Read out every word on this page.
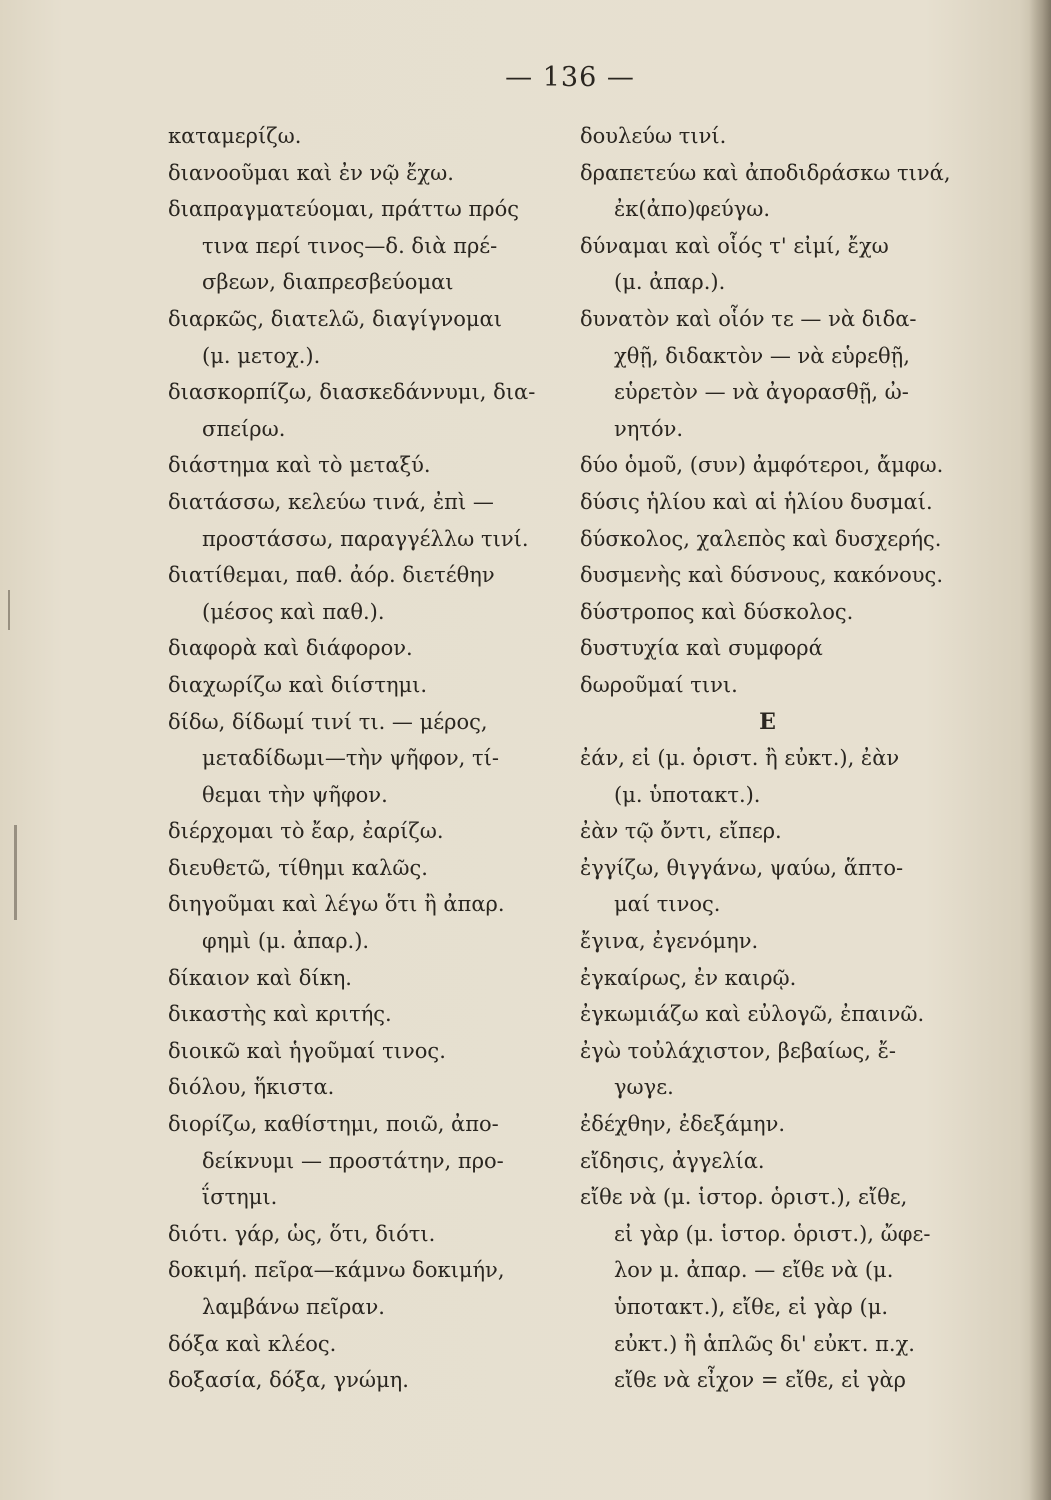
— 136 —
καταμερίζω.
διανοοῦμαι καὶ ἐν νῷ ἔχω.
διαπραγματεύομαι, πράττω πρός
τινα περί τινος—δ. διὰ πρέ-
σβεων, διαπρεσβεύομαι
διαρκῶς, διατελῶ, διαγίγνομαι
(μ. μετοχ.).
διασκορπίζω, διασκεδάννυμι, δια-
σπείρω.
διάστημα καὶ τὸ μεταξύ.
διατάσσω, κελεύω τινά, ἐπὶ —
προστάσσω, παραγγέλλω τινί.
διατίθεμαι, παθ. ἀόρ. διετέθην
(μέσος καὶ παθ.).
διαφορὰ καὶ διάφορον.
διαχωρίζω καὶ διίστημι.
δίδω, δίδωμί τινί τι. — μέρος,
μεταδίδωμι—τὴν ψῆφον, τί-
θεμαι τὴν ψῆφον.
διέρχομαι τὸ ἔαρ, ἐαρίζω.
διευθετῶ, τίθημι καλῶς.
διηγοῦμαι καὶ λέγω ὅτι ἢ ἀπαρ.
φημὶ (μ. ἀπαρ.).
δίκαιον καὶ δίκη.
δικαστὴς καὶ κριτής.
διοικῶ καὶ ἡγοῦμαί τινος.
διόλου, ἥκιστα.
διορίζω, καθίστημι, ποιῶ, ἀπο-
δείκνυμι — προστάτην, προ-
ΐστημι.
διότι. γάρ, ὡς, ὅτι, διότι.
δοκιμή. πεῖρα—κάμνω δοκιμήν,
λαμβάνω πεῖραν.
δόξα καὶ κλέος.
δοξασία, δόξα, γνώμη.
δουλεύω τινί.
δραπετεύω καὶ ἀποδιδράσκω τινά,
ἐκ(ἀπο)φεύγω.
δύναμαι καὶ οἷός τ' εἰμί, ἔχω
(μ. ἀπαρ.).
δυνατὸν καὶ οἷόν τε — νὰ διδα-
χθῇ, διδακτὸν — νὰ εὑρεθῇ,
εὑρετὸν — νὰ ἀγορασθῇ, ὠ-
νητόν.
δύο ὁμοῦ, (συν) ἀμφότεροι, ἄμφω.
δύσις ἡλίου καὶ αἱ ἡλίου δυσμαί.
δύσκολος, χαλεπὸς καὶ δυσχερής.
δυσμενὴς καὶ δύσνους, κακόνους.
δύστροπος καὶ δύσκολος.
δυστυχία καὶ συμφορά
δωροῦμαί τινι.
E
ἐάν, εἰ (μ. ὁριστ. ἢ εὐκτ.), ἐὰν
(μ. ὑποτακτ.).
ἐὰν τῷ ὄντι, εἴπερ.
ἐγγίζω, θιγγάνω, ψαύω, ἅπτο-
μαί τινος.
ἔγινα, ἐγενόμην.
ἐγκαίρως, ἐν καιρῷ.
ἐγκωμιάζω καὶ εὐλογῶ, ἐπαινῶ.
ἐγὼ τοὐλάχιστον, βεβαίως, ἔ-
γωγε.
ἐδέχθην, ἐδεξάμην.
εἴδησις, ἀγγελία.
εἴθε νὰ (μ. ἱστορ. ὁριστ.), εἴθε,
εἰ γὰρ (μ. ἱστορ. ὁριστ.), ὤφε-
λον μ. ἀπαρ. — εἴθε νὰ (μ.
ὑποτακτ.), εἴθε, εἰ γὰρ (μ.
εὐκτ.) ἢ ἁπλῶς δι' εὐκτ. π.χ.
εἴθε νὰ εἶχον = εἴθε, εἰ γὰρ
